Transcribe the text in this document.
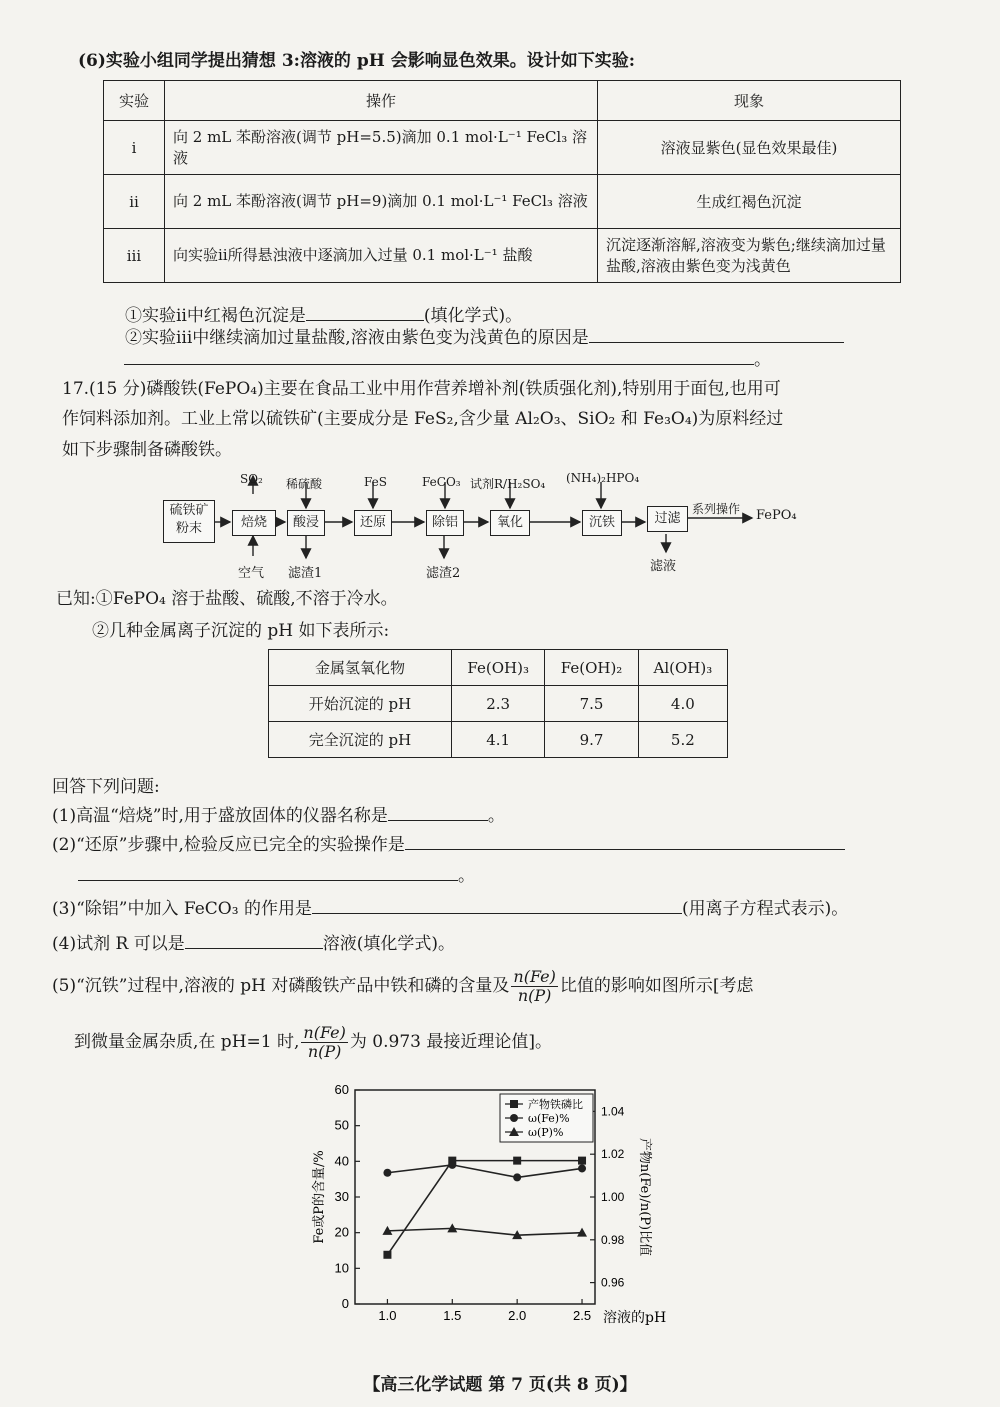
(6)实验小组同学提出猜想 3:溶液的 pH 会影响显色效果。设计如下实验:
实验	操作	现象
ⅰ	向 2 mL 苯酚溶液(调节 pH=5.5)滴加 0.1 mol·L⁻¹ FeCl₃ 溶液	溶液显紫色(显色效果最佳)
ⅱ	向 2 mL 苯酚溶液(调节 pH=9)滴加 0.1 mol·L⁻¹ FeCl₃ 溶液	生成红褐色沉淀
ⅲ	向实验ⅱ所得悬浊液中逐滴加入过量 0.1 mol·L⁻¹ 盐酸	沉淀逐渐溶解,溶液变为紫色;继续滴加过量盐酸,溶液由紫色变为浅黄色
①实验ⅱ中红褐色沉淀是	(填化学式)。
②实验ⅲ中继续滴加过量盐酸,溶液由紫色变为浅黄色的原因是
。
17.(15 分)磷酸铁(FePO₄)主要在食品工业中用作营养增补剂(铁质强化剂),特别用于面包,也用可
作饲料添加剂。工业上常以硫铁矿(主要成分是 FeS₂,含少量 Al₂O₃、SiO₂ 和 Fe₃O₄)为原料经过
如下步骤制备磷酸铁。
硫铁矿粉末	焙烧	酸浸	还原	除铝	氧化	沉铁	过滤
SO₂ 稀硫酸	FeS	FeCO₃ 试剂R/H₂SO₄ (NH₄)₂HPO₄
空气 滤渣1	滤渣2	滤液
系列操作 FePO₄
已知:①FePO₄ 溶于盐酸、硫酸,不溶于冷水。
②几种金属离子沉淀的 pH 如下表所示:
金属氢氧化物	Fe(OH)₃	Fe(OH)₂	Al(OH)₃
开始沉淀的 pH	2.3	7.5	4.0
完全沉淀的 pH	4.1	9.7	5.2
回答下列问题:
(1)高温“焙烧”时,用于盛放固体的仪器名称是	。
(2)“还原”步骤中,检验反应已完全的实验操作是
。
(3)“除铝”中加入 FeCO₃ 的作用是	(用离子方程式表示)。
(4)试剂 R 可以是	溶液(填化学式)。
(5)“沉铁”过程中,溶液的 pH 对磷酸铁产品中铁和磷的含量及 $\frac{n(Fe)}{n(P)}$ 比值的影响如图所示[考虑
到微量金属杂质,在 pH=1 时, $\frac{n(Fe)}{n(P)}$ 为 0.973 最接近理论值]。
0
10
20
30
40
50
60
0.96
0.98
1.00
1.02
1.04
1.0	1.5	2.0	2.5 溶液的pH
Fe或P的含量/%	产物n(Fe)/n(P)比值
产物铁磷比
ω(Fe)%
ω(P)%
【高三化学试题 第 7 页(共 8 页)】
